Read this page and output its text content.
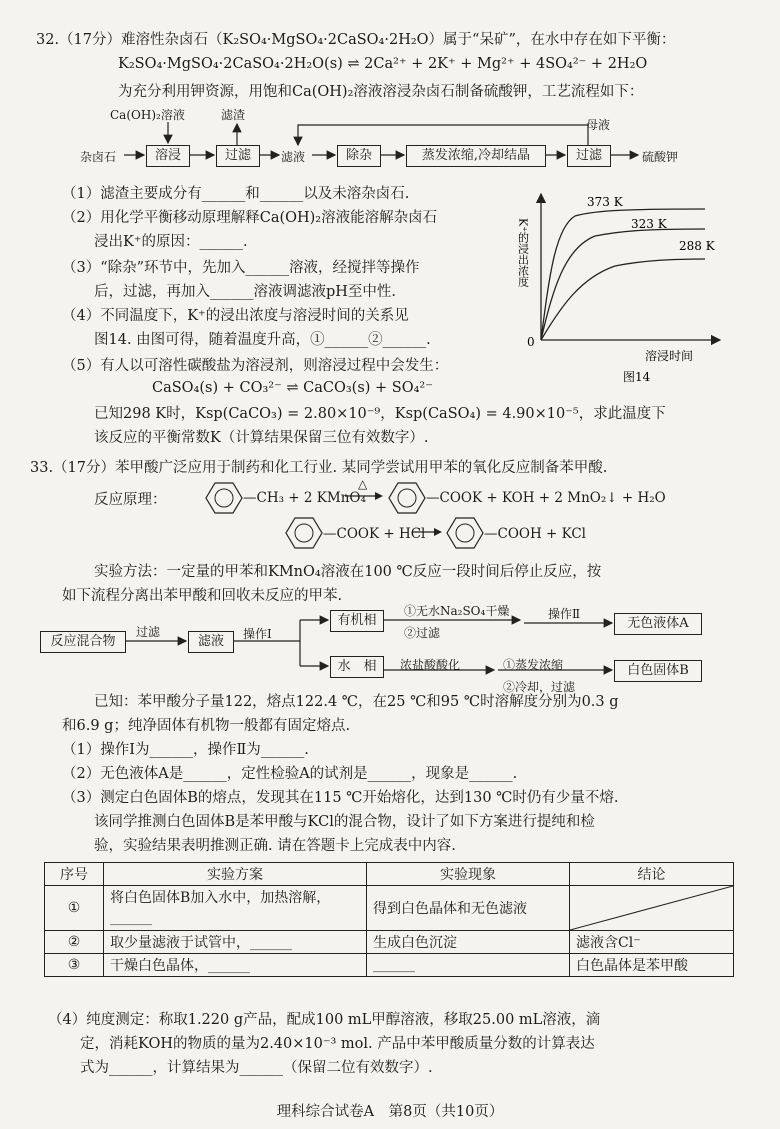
32.（17分）难溶性杂卤石（K₂SO₄·MgSO₄·2CaSO₄·2H₂O）属于“呆矿”，在水中存在如下平衡：
K₂SO₄·MgSO₄·2CaSO₄·2H₂O(s) ⇌ 2Ca²⁺ + 2K⁺ + Mg²⁺ + 4SO₄²⁻ + 2H₂O
为充分利用钾资源，用饱和Ca(OH)₂溶液溶浸杂卤石制备硫酸钾，工艺流程如下：
Ca(OH)₂溶液	滤渣
母液
杂卤石	溶浸	过滤	滤液	除杂	蒸发浓缩,冷却结晶	过滤	硫酸钾
（1）滤渣主要成分有______和______以及未溶杂卤石.
（2）用化学平衡移动原理解释Ca(OH)₂溶液能溶解杂卤石
浸出K⁺的原因：______.
（3）“除杂”环节中，先加入______溶液，经搅拌等操作
后，过滤，再加入______溶液调滤液pH至中性.
（4）不同温度下，K⁺的浸出浓度与溶浸时间的关系见
图14. 由图可得，随着温度升高，①______②______.
（5）有人以可溶性碳酸盐为溶浸剂，则溶浸过程中会发生：
CaSO₄(s) + CO₃²⁻ ⇌ CaCO₃(s) + SO₄²⁻
已知298 K时，Ksp(CaCO₃) = 2.80×10⁻⁹，Ksp(CaSO₄) = 4.90×10⁻⁵，求此温度下
该反应的平衡常数K（计算结果保留三位有效数字）.
K⁺的浸出浓度
0
溶浸时间
373 K
323 K
288 K
图14
33.（17分）苯甲酸广泛应用于制药和化工行业. 某同学尝试用甲苯的氧化反应制备苯甲酸.
反应原理：	—CH₃ + 2 KMnO₄
△
—COOK + KOH + 2 MnO₂↓ + H₂O
—COOK + HCl	—COOH + KCl
实验方法：一定量的甲苯和KMnO₄溶液在100 ℃反应一段时间后停止反应，按
如下流程分离出苯甲酸和回收未反应的甲苯.
反应混合物
过滤
滤液	操作Ⅰ
有机相
①无水Na₂SO₄干燥
②过滤
操作Ⅱ
无色液体A
水　相	浓盐酸酸化	①蒸发浓缩
②冷却，过滤
白色固体B
已知：苯甲酸分子量122，熔点122.4 ℃，在25 ℃和95 ℃时溶解度分别为0.3 g
和6.9 g；纯净固体有机物一般都有固定熔点.
（1）操作Ⅰ为______，操作Ⅱ为______.
（2）无色液体A是______，定性检验A的试剂是______，现象是______.
（3）测定白色固体B的熔点，发现其在115 ℃开始熔化，达到130 ℃时仍有少量不熔.
该同学推测白色固体B是苯甲酸与KCl的混合物，设计了如下方案进行提纯和检
验，实验结果表明推测正确. 请在答题卡上完成表中内容.
序号	实验方案	实验现象	结论
①	将白色固体B加入水中，加热溶解，______	得到白色晶体和无色滤液	

②	取少量滤液于试管中，______	生成白色沉淀	滤液含Cl⁻
③	干燥白色晶体，______	______	白色晶体是苯甲酸
（4）纯度测定：称取1.220 g产品，配成100 mL甲醇溶液，移取25.00 mL溶液，滴
定，消耗KOH的物质的量为2.40×10⁻³ mol. 产品中苯甲酸质量分数的计算表达
式为______，计算结果为______（保留二位有效数字）.
理科综合试卷A　第8页（共10页）
